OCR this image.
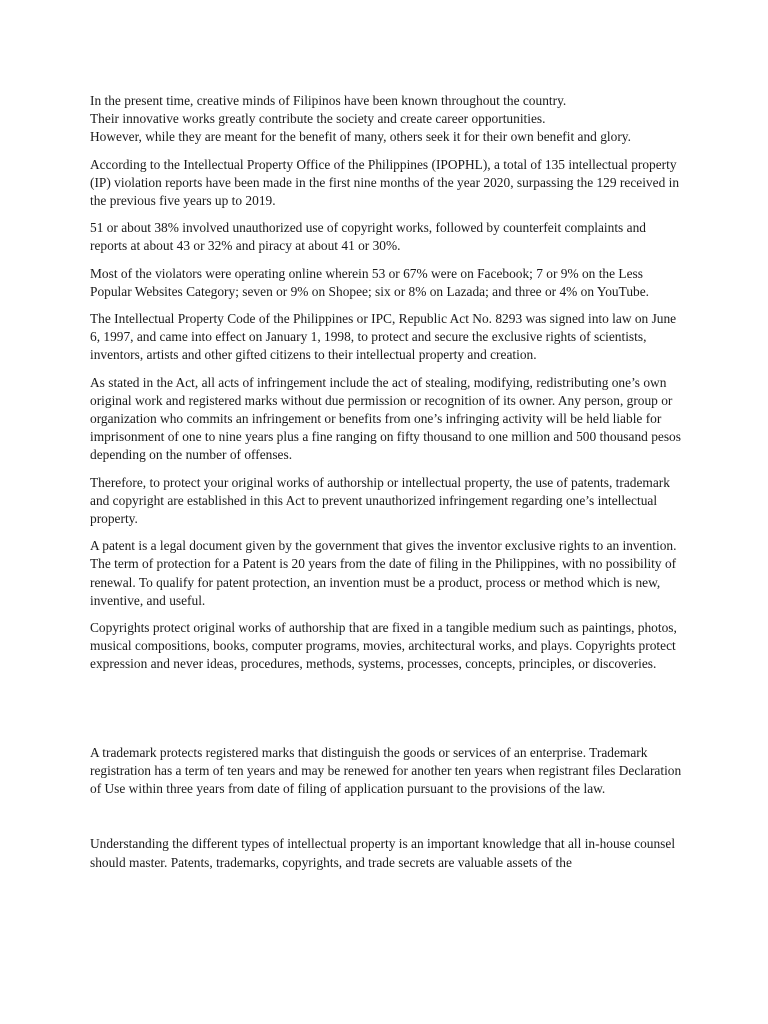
In the present time, creative minds of Filipinos have been known throughout the country.
Their innovative works greatly contribute the society and create career opportunities.
However, while they are meant for the benefit of many, others seek it for their own benefit and glory.

According to the Intellectual Property Office of the Philippines (IPOPHL), a total of 135 intellectual property (IP) violation reports have been made in the first nine months of the year 2020, surpassing the 129 received in the previous five years up to 2019.

51 or about 38% involved unauthorized use of copyright works, followed by counterfeit complaints and reports at about 43 or 32% and piracy at about 41 or 30%.

Most of the violators were operating online wherein 53 or 67% were on Facebook; 7 or 9% on the Less Popular Websites Category; seven or 9% on Shopee; six or 8% on Lazada; and three or 4% on YouTube.

The Intellectual Property Code of the Philippines or IPC, Republic Act No. 8293 was signed into law on June 6, 1997, and came into effect on January 1, 1998, to protect and secure the exclusive rights of scientists, inventors, artists and other gifted citizens to their intellectual property and creation.

As stated in the Act, all acts of infringement include the act of stealing, modifying, redistributing one’s own original work and registered marks without due permission or recognition of its owner. Any person, group or organization who commits an infringement or benefits from one’s infringing activity will be held liable for imprisonment of one to nine years plus a fine ranging on fifty thousand to one million and 500 thousand pesos depending on the number of offenses.

Therefore, to protect your original works of authorship or intellectual property, the use of patents, trademark and copyright are established in this Act to prevent unauthorized infringement regarding one’s intellectual property.

A patent is a legal document given by the government that gives the inventor exclusive rights to an invention. The term of protection for a Patent is 20 years from the date of filing in the Philippines, with no possibility of renewal. To qualify for patent protection, an invention must be a product, process or method which is new, inventive, and useful.

Copyrights protect original works of authorship that are fixed in a tangible medium such as paintings, photos, musical compositions, books, computer programs, movies, architectural works, and plays. Copyrights protect expression and never ideas, procedures, methods, systems, processes, concepts, principles, or discoveries.

A trademark protects registered marks that distinguish the goods or services of an enterprise. Trademark registration has a term of ten years and may be renewed for another ten years when registrant files Declaration of Use within three years from date of filing of application pursuant to the provisions of the law.

Understanding the different types of intellectual property is an important knowledge that all in-house counsel should master. Patents, trademarks, copyrights, and trade secrets are valuable assets of the
